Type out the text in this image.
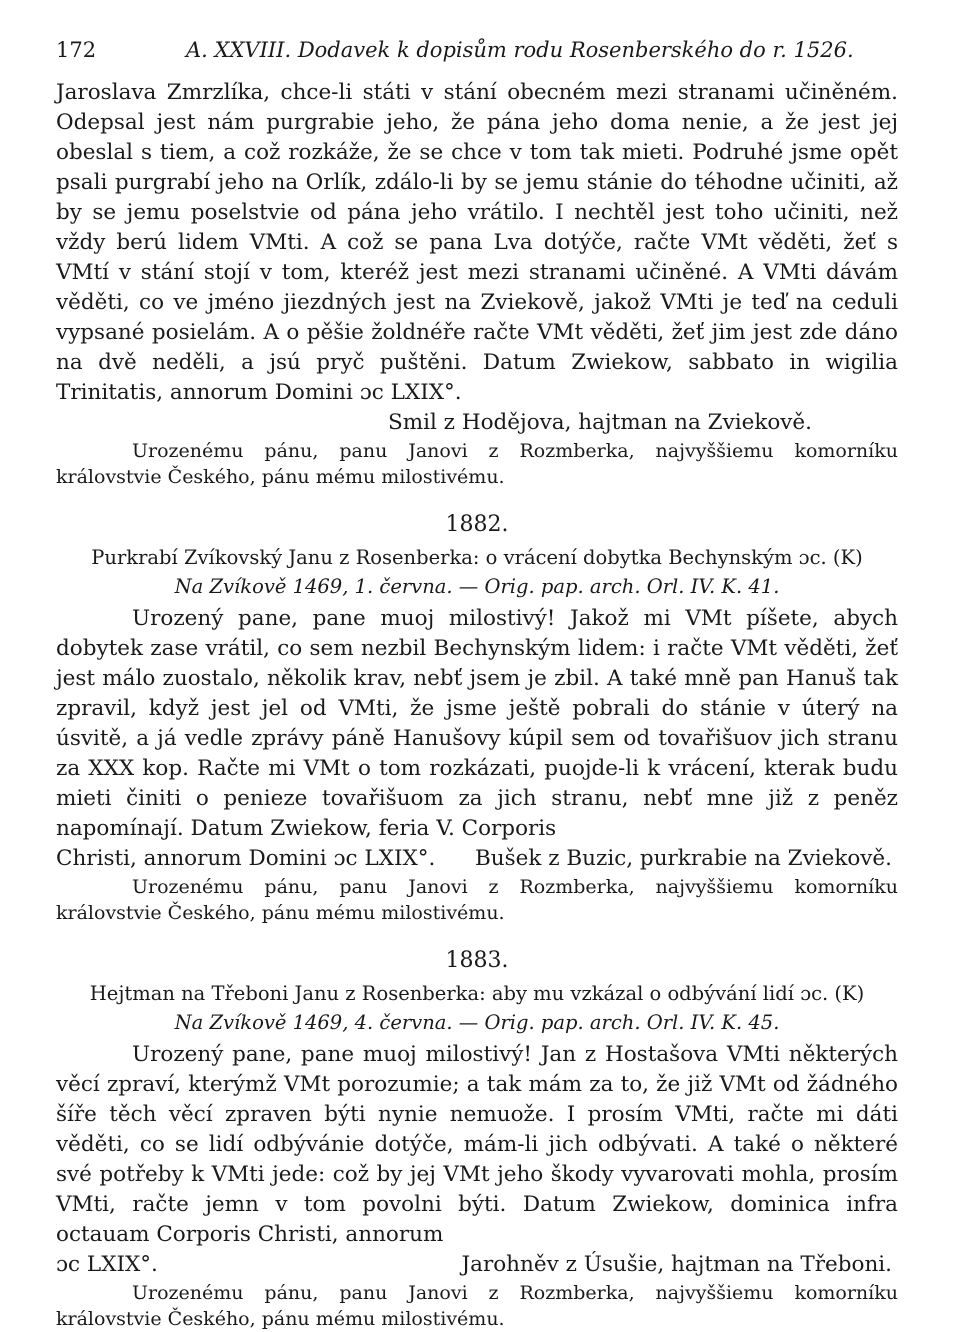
172	A. XXVIII. Dodavek k dopisům rodu Rosenberského do r. 1526.

Jaroslava Zmrzlíka, chce-li státi v stání obecném mezi stranami učiněném. Odepsal jest nám purgrabie jeho, že pána jeho doma nenie, a že jest jej obeslal s tiem, a což rozkáže, že se chce v tom tak mieti. Podruhé jsme opět psali purgrabí jeho na Orlík, zdálo-li by se jemu stánie do téhodne učiniti, až by se jemu poselstvie od pána jeho vrátilo. I nechtěl jest toho učiniti, než vždy berú lidem VMti. A což se pana Lva dotýče, račte VMt věděti, žeť s VMtí v stání stojí v tom, kteréž jest mezi stranami učiněné. A VMti dávám věděti, co ve jméno jiezdných jest na Zviekově, jakož VMti je teď na ceduli vypsané posielám. A o pěšie žoldnéře račte VMt věděti, žeť jim jest zde dáno na dvě neděli, a jsú pryč puštěni. Datum Zwiekow, sabbato in wigilia Trinitatis, annorum Domini ɔc LXIX°.

Smil z Hodějova, hajtman na Zviekově.

Urozenému pánu, panu Janovi z Rozmberka, najvyššiemu komorníku královstvie Českého, pánu mému milostivému.

1882.

Purkrabí Zvíkovský Janu z Rosenberka: o vrácení dobytka Bechynským ɔc. (K)

Na Zvíkově 1469, 1. června. — Orig. pap. arch. Orl. IV. K. 41.

Urozený pane, pane muoj milostivý! Jakož mi VMt píšete, abych dobytek zase vrátil, co sem nezbil Bechynským lidem: i račte VMt věděti, žeť jest málo zuostalo, několik krav, nebť jsem je zbil. A také mně pan Hanuš tak zpravil, když jest jel od VMti, že jsme ještě pobrali do stánie v úterý na úsvitě, a já vedle zprávy páně Hanušovy kúpil sem od tovařišuov jich stranu za XXX kop. Račte mi VMt o tom rozkázati, puojde-li k vrácení, kterak budu mieti činiti o penieze tovařišuom za jich stranu, nebť mne již z peněz napomínají. Datum Zwiekow, feria V. Corporis

Christi, annorum Domini ɔc LXIX°. Bušek z Buzic, purkrabie na Zviekově.

Urozenému pánu, panu Janovi z Rozmberka, najvyššiemu komorníku královstvie Českého, pánu mému milostivému.

1883.

Hejtman na Třeboni Janu z Rosenberka: aby mu vzkázal o odbývání lidí ɔc. (K)

Na Zvíkově 1469, 4. června. — Orig. pap. arch. Orl. IV. K. 45.

Urozený pane, pane muoj milostivý! Jan z Hostašova VMti některých věcí zpraví, kterýmž VMt porozumie; a tak mám za to, že již VMt od žádného šíře těch věcí zpraven býti nynie nemuože. I prosím VMti, račte mi dáti věděti, co se lidí odbývánie dotýče, mám-li jich odbývati. A také o některé své potřeby k VMti jede: což by jej VMt jeho škody vyvarovati mohla, prosím VMti, račte jemn v tom povolni býti. Datum Zwiekow, dominica infra octauam Corporis Christi, annorum

ɔc LXIX°.	Jarohněv z Úsušie, hajtman na Třeboni.

Urozenému pánu, panu Janovi z Rozmberka, najvyššiemu komorníku královstvie Českého, pánu mému milostivému.
